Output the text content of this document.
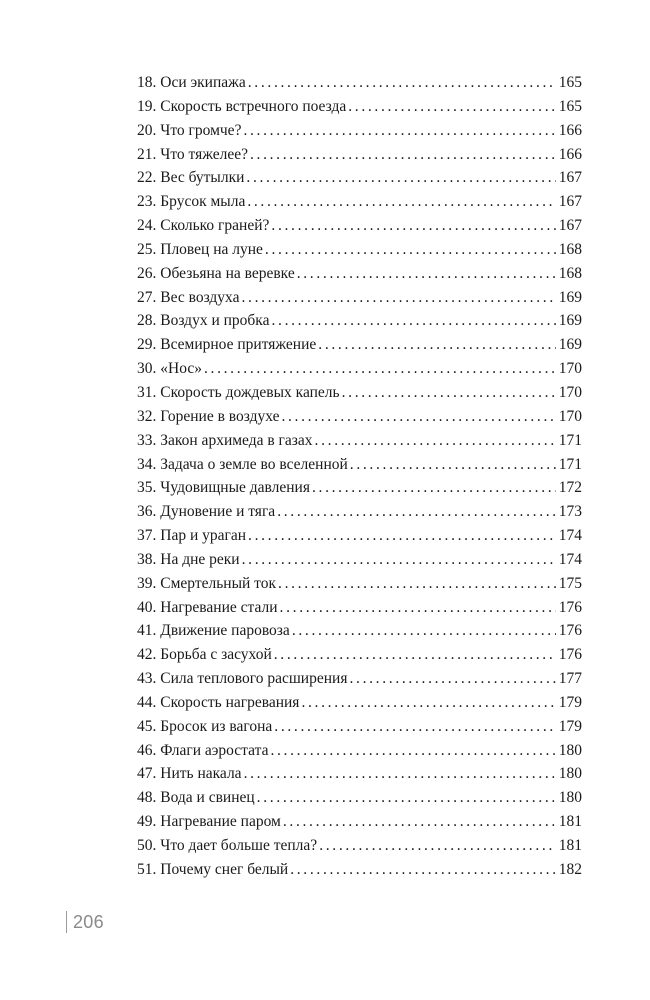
18. Оси экипажа . . .	165
19. Скорость встречного поезда . . .	165
20. Что громче? . . .	166
21. Что тяжелее? . . .	166
22. Вес бутылки . . .	167
23. Брусок мыла . . .	167
24. Сколько граней? . . .	167
25. Пловец на луне . . .	168
26. Обезьяна на веревке . . .	168
27. Вес воздуха . . .	169
28. Воздух и пробка . . .	169
29. Всемирное притяжение . . .	169
30. «Нос» . . .	170
31. Скорость дождевых капель . . .	170
32. Горение в воздухе . . .	170
33. Закон архимеда в газах . . .	171
34. Задача о земле во вселенной . . .	171
35. Чудовищные давления . . .	172
36. Дуновение и тяга . . .	173
37. Пар и ураган . . .	174
38. На дне реки . . .	174
39. Смертельный ток . . .	175
40. Нагревание стали . . .	176
41. Движение паровоза . . .	176
42. Борьба с засухой . . .	176
43. Сила теплового расширения . . .	177
44. Скорость нагревания . . .	179
45. Бросок из вагона . . .	179
46. Флаги аэростата . . .	180
47. Нить накала . . .	180
48. Вода и свинец . . .	180
49. Нагревание паром . . .	181
50. Что дает больше тепла? . . .	181
51. Почему снег белый . . .	182
206
